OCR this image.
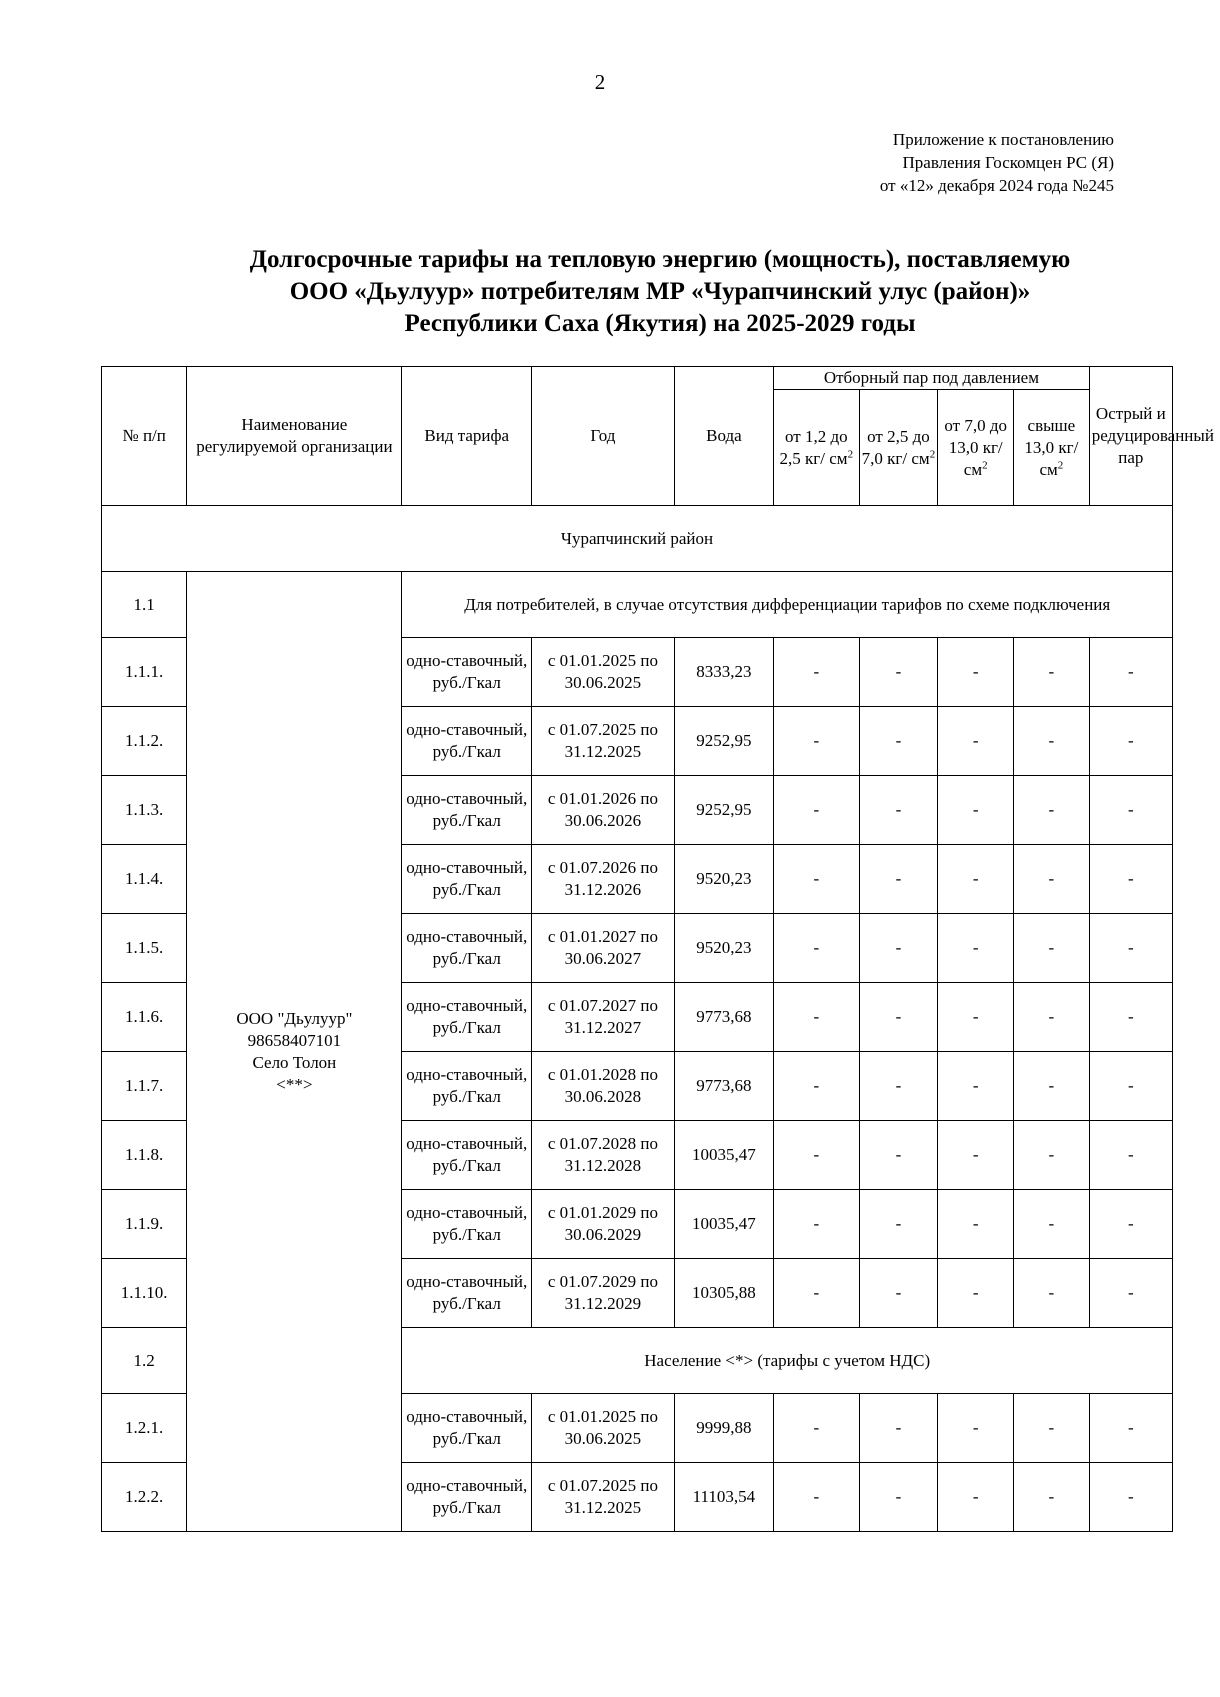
2
Приложение к постановлению
Правления Госкомцен РС (Я)
от «12» декабря 2024 года №245
Долгосрочные тарифы на тепловую энергию (мощность), поставляемую
ООО «Дьулуур» потребителям МР «Чурапчинский улус (район)»
Республики Саха (Якутия) на 2025-2029 годы
№ п/п	Наименование регулируемой организации	Вид тарифа	Год	Вода	Отборный пар под давлением				Острый и редуцированный пар
					от 1,2 до 2,5 кг/ $см^2$	от 2,5 до 7,0 кг/ $см^2$	от 7,0 до 13,0 кг/ $см^2$	свыше 13,0 кг/ $см^2$
Чурапчинский район									
1.1	ООО "Дьулуур"
98658407101
Село Толон
<**>	Для потребителей, в случае отсутствия дифференциации тарифов по схеме подключения							
1.1.1.		одно-ставочный, руб./Гкал	с 01.01.2025 по 30.06.2025	8333,23	-	-	-	-	-
1.1.2.		одно-ставочный, руб./Гкал	с 01.07.2025 по 31.12.2025	9252,95	-	-	-	-	-
1.1.3.		одно-ставочный, руб./Гкал	с 01.01.2026 по 30.06.2026	9252,95	-	-	-	-	-
1.1.4.		одно-ставочный, руб./Гкал	с 01.07.2026 по 31.12.2026	9520,23	-	-	-	-	-
1.1.5.		одно-ставочный, руб./Гкал	с 01.01.2027 по 30.06.2027	9520,23	-	-	-	-	-
1.1.6.		одно-ставочный, руб./Гкал	с 01.07.2027 по 31.12.2027	9773,68	-	-	-	-	-
1.1.7.		одно-ставочный, руб./Гкал	с 01.01.2028 по 30.06.2028	9773,68	-	-	-	-	-
1.1.8.		одно-ставочный, руб./Гкал	с 01.07.2028 по 31.12.2028	10035,47	-	-	-	-	-
1.1.9.		одно-ставочный, руб./Гкал	с 01.01.2029 по 30.06.2029	10035,47	-	-	-	-	-
1.1.10.		одно-ставочный, руб./Гкал	с 01.07.2029 по 31.12.2029	10305,88	-	-	-	-	-
1.2		Население <*> (тарифы с учетом НДС)							
1.2.1.		одно-ставочный, руб./Гкал	с 01.01.2025 по 30.06.2025	9999,88	-	-	-	-	-
1.2.2.		одно-ставочный, руб./Гкал	с 01.07.2025 по 31.12.2025	11103,54	-	-	-	-	-
